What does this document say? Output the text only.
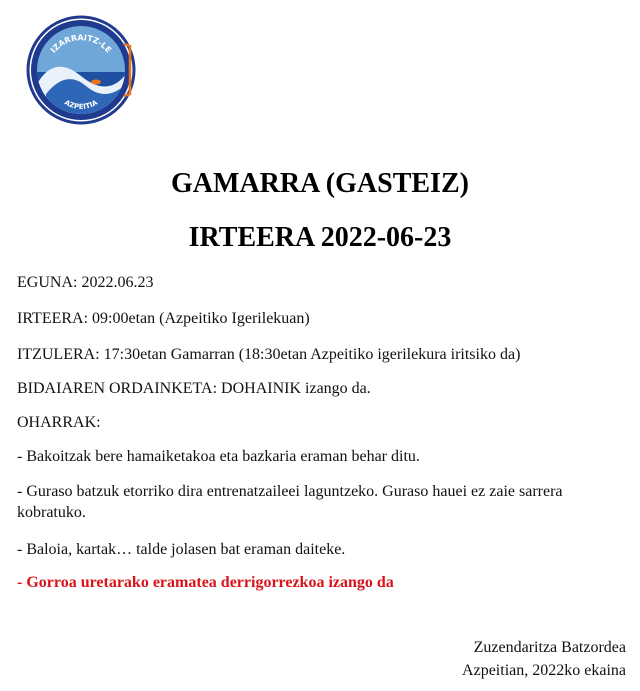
IZARRAITZ-LE
AZPEITIA
GAMARRA (GASTEIZ)
IRTEERA 2022-06-23

EGUNA: 2022.06.23

IRTEERA: 09:00etan (Azpeitiko Igerilekuan)

ITZULERA: 17:30etan Gamarran (18:30etan Azpeitiko igerilekura iritsiko da)

BIDAIAREN ORDAINKETA: DOHAINIK izango da.

OHARRAK:

- Bakoitzak bere hamaiketakoa eta bazkaria eraman behar ditu.

- Guraso batzuk etorriko dira entrenatzaileei laguntzeko. Guraso hauei ez zaie sarrera kobratuko.

- Baloia, kartak… talde jolasen bat eraman daiteke.

- Gorroa uretarako eramatea derrigorrezkoa izango da

Zuzendaritza Batzordea

Azpeitian, 2022ko ekaina
